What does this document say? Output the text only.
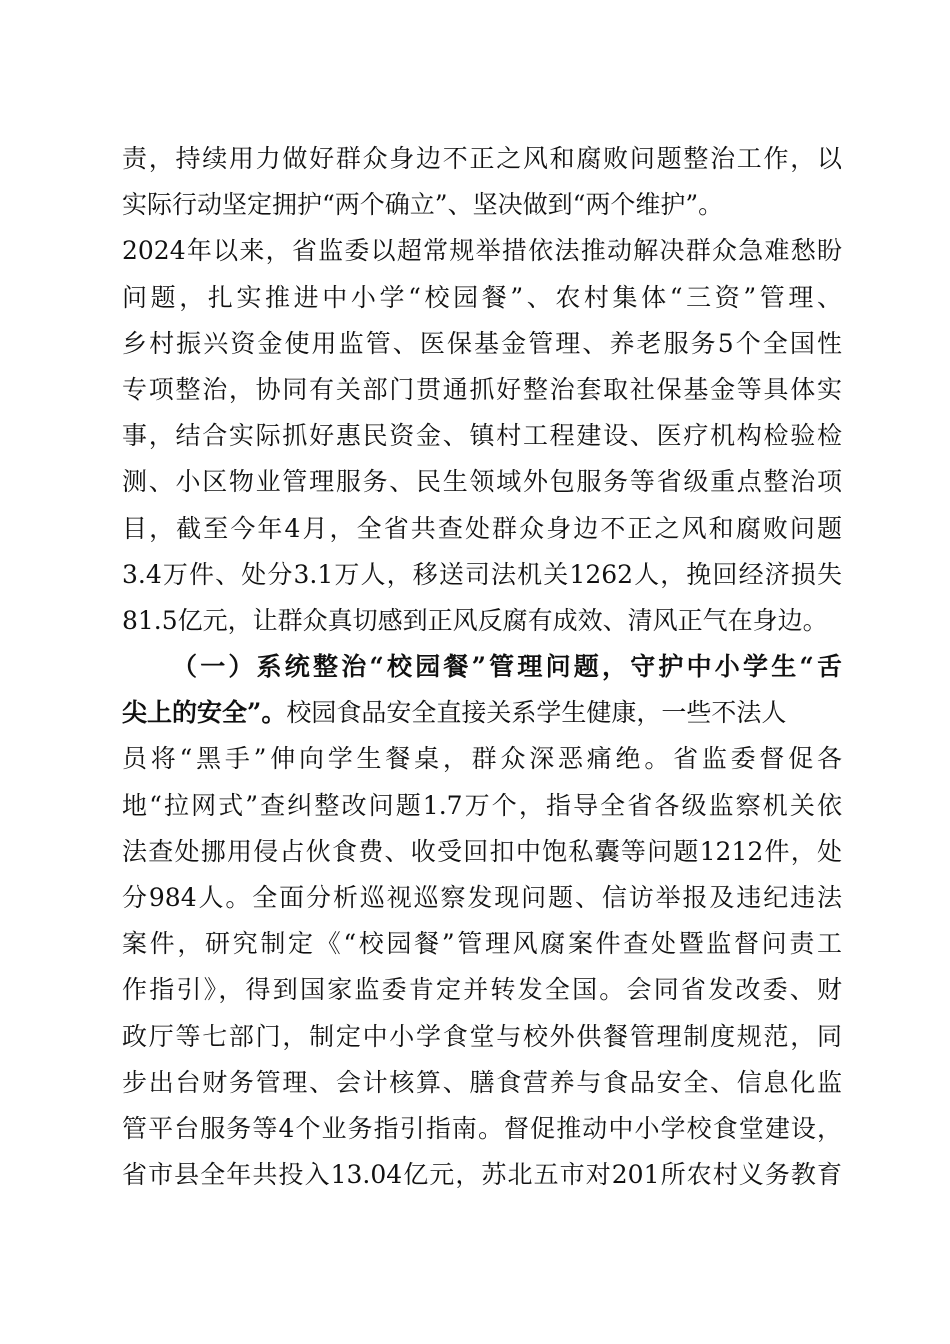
责，持续用力做好群众身边不正之风和腐败问题整治工作，以
实际行动坚定拥护“两个确立”、坚决做到“两个维护”。
2024年以来，省监委以超常规举措依法推动解决群众急难愁盼
问题，扎实推进中小学“校园餐”、农村集体“三资”管理、
乡村振兴资金使用监管、医保基金管理、养老服务5个全国性
专项整治，协同有关部门贯通抓好整治套取社保基金等具体实
事，结合实际抓好惠民资金、镇村工程建设、医疗机构检验检
测、小区物业管理服务、民生领域外包服务等省级重点整治项
目，截至今年4月，全省共查处群众身边不正之风和腐败问题
3.4万件、处分3.1万人，移送司法机关1262人，挽回经济损失
81.5亿元，让群众真切感到正风反腐有成效、清风正气在身边。
（一）系统整治“校园餐”管理问题，守护中小学生“舌
尖上的安全”。校园食品安全直接关系学生健康，一些不法人
员将“黑手”伸向学生餐桌，群众深恶痛绝。省监委督促各
地“拉网式”查纠整改问题1.7万个，指导全省各级监察机关依
法查处挪用侵占伙食费、收受回扣中饱私囊等问题1212件，处
分984人。全面分析巡视巡察发现问题、信访举报及违纪违法
案件，研究制定《“校园餐”管理风腐案件查处暨监督问责工
作指引》，得到国家监委肯定并转发全国。会同省发改委、财
政厅等七部门，制定中小学食堂与校外供餐管理制度规范，同
步出台财务管理、会计核算、膳食营养与食品安全、信息化监
管平台服务等4个业务指引指南。督促推动中小学校食堂建设，
省市县全年共投入13.04亿元，苏北五市对201所农村义务教育
